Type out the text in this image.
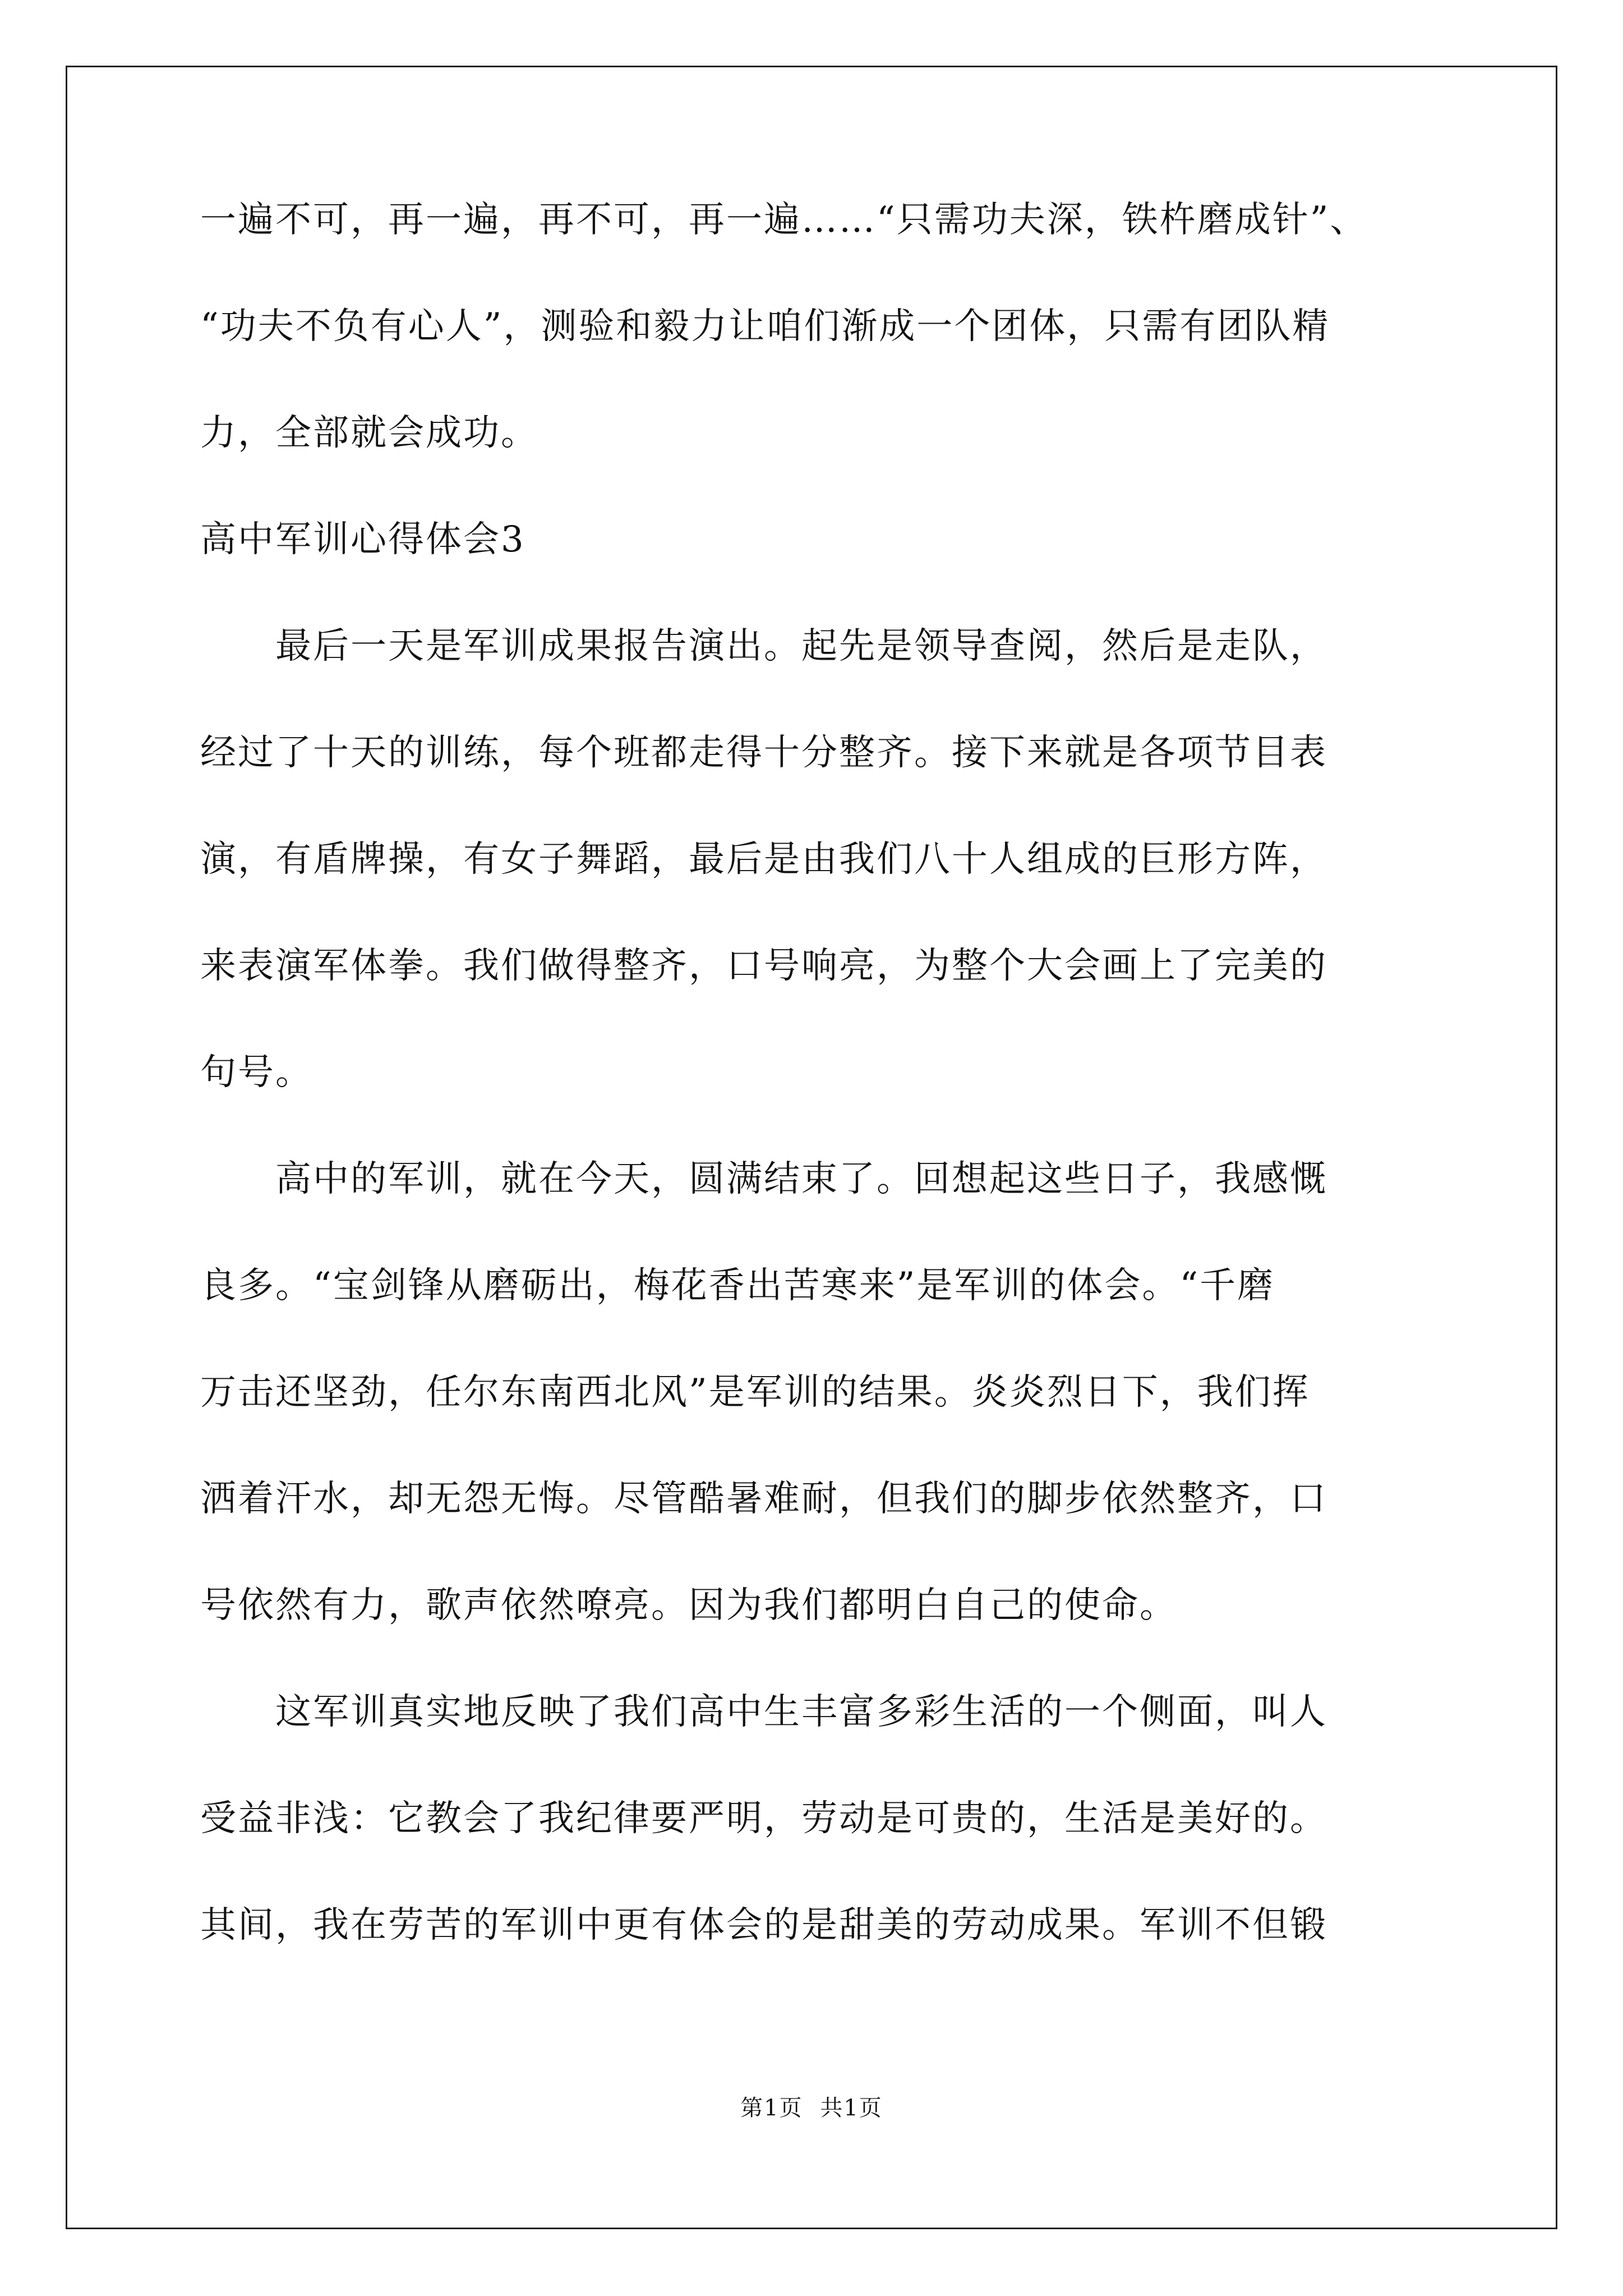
一遍不可，再一遍，再不可，再一遍……“只需功夫深，铁杵磨成针”、
“功夫不负有心人”，测验和毅力让咱们渐成一个团体，只需有团队精
力，全部就会成功。
高中军训心得体会3
　　最后一天是军训成果报告演出。起先是领导查阅，然后是走队，
经过了十天的训练，每个班都走得十分整齐。接下来就是各项节目表
演，有盾牌操，有女子舞蹈，最后是由我们八十人组成的巨形方阵，
来表演军体拳。我们做得整齐，口号响亮，为整个大会画上了完美的
句号。
　　高中的军训，就在今天，圆满结束了。回想起这些日子，我感慨
良多。“宝剑锋从磨砺出，梅花香出苦寒来”是军训的体会。“千磨
万击还坚劲，任尔东南西北风”是军训的结果。炎炎烈日下，我们挥
洒着汗水，却无怨无悔。尽管酷暑难耐，但我们的脚步依然整齐，口
号依然有力，歌声依然嘹亮。因为我们都明白自己的使命。
　　这军训真实地反映了我们高中生丰富多彩生活的一个侧面，叫人
受益非浅：它教会了我纪律要严明，劳动是可贵的，生活是美好的。
其间，我在劳苦的军训中更有体会的是甜美的劳动成果。军训不但锻
第1页 共1页
